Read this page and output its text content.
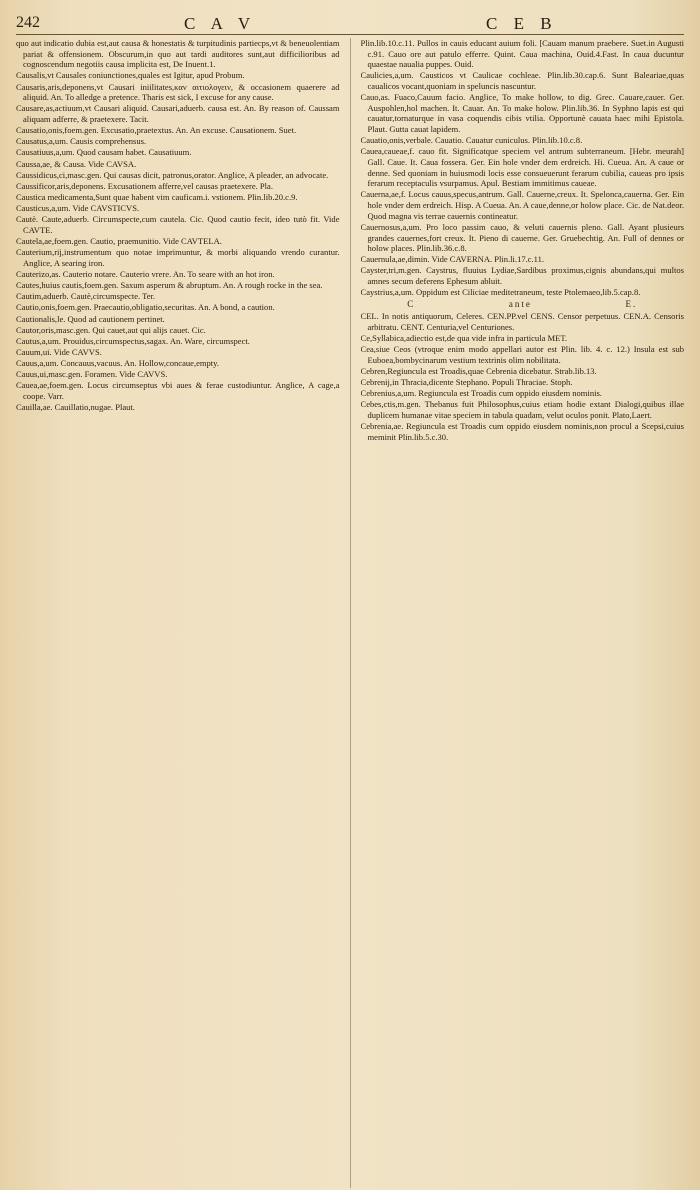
242	C A V	C E B

quo aut indicatio dubia est,aut causa & honestatis & turpitudinis partiecps,vt & beneuolentiam pariat & offensionem. Obscurum,in quo aut tardi auditores sunt,aut difficilioribus ad cognoscendum negotiis causa implicita est, De Inuent.1.

Causalis,vt Causales coniunctiones,quales est Igitur, apud Probum.

Causaris,aris,deponens,vt Causari iniilitates,καν αιτιολογειν, & occasionem quaerere ad aliquid. An. To alledge a pretence. Tharis est sick, I excuse for any cause.

Causare,as,actiuum,vt Causari aliquid. Causari,aduerb. causa est. An. By reason of. Caussam aliquam adferre, & praetexere. Tacit.

Causatio,onis,foem.gen. Excusatio,praetextus. An. An excuse. Causationem. Suet.

Causatus,a,um. Causis comprehensus.

Causatiuus,a,um. Quod causam habet. Causatiuum.

Caussa,ae, & Causa. Vide CAVSA.

Caussidicus,ci,masc.gen. Qui causas dicit, patronus,orator. Anglice, A pleader, an advocate.

Caussificor,aris,deponens. Excusationem afferre,vel causas praetexere. Pla.

Caustica medicamenta,Sunt quae habent vim cauficam.i. vstionem. Plin.lib.20.c.9.

Causticus,a,um. Vide CAVSTICVS.

Cautè. Caute,aduerb. Circumspecte,cum cautela. Cic. Quod cautio fecit, ideo tutò fit. Vide CAVTE.

Cautela,ae,foem.gen. Cautio, praemunitio. Vide CAVTELA.

Cauterium,rij,instrumentum quo notae imprimuntur, & morbi aliquando vrendo curantur. Anglice, A searing iron.

Cauterizo,as. Cauterio notare. Cauterio vrere. An. To seare with an hot iron.

Cautes,huius cautis,foem.gen. Saxum asperum & abruptum. An. A rough rocke in the sea.

Cautim,aduerb. Cautè,circumspecte. Ter.

Cautio,onis,foem.gen. Praecautio,obligatio,securitas. An. A bond, a caution.

Cautionalis,le. Quod ad cautionem pertinet.

Cautor,oris,masc.gen. Qui cauet,aut qui alijs cauet. Cic.

Cautus,a,um. Prouidus,circumspectus,sagax. An. Ware, circumspect.

Cauum,ui. Vide CAVVS.

Cauus,a,um. Concauus,vacuus. An. Hollow,concaue,empty.

Cauus,ui,masc.gen. Foramen. Vide CAVVS.

Cauea,ae,foem.gen. Locus circumseptus vbi aues & ferae custodiuntur. Anglice, A cage,a coope. Varr.

Cauilla,ae. Cauillatio,nugae. Plaut.

Plin.lib.10.c.11. Pullos in cauis educant auium foli. [Cauam manum praebere. Suet.in Augusti c.91. Cauo ore aut patulo efferre. Quint. Caua machina, Ouid.4.Fast. In caua ducuntur quaestae naualia puppes. Ouid.

Caulicies,a,um. Causticos vt Caulicae cochleae. Plin.lib.30.cap.6. Sunt Baleariae,quas caualicos vocant,quoniam in speluncis nascuntur.

Cauo,as. Fuaco,Cauum facio. Anglice, To make hollow, to dig. Grec. Cauare,cauer. Ger. Auspohlen,hol machen. It. Cauar. An. To make holow. Plin.lib.36. In Syphno lapis est qui cauatur,tornaturque in vasa coquendis cibis vtilia. Opportunè cauata haec mihi Epistola. Plaut. Gutta cauat lapidem.

Cauatio,onis,verbale. Cauatio. Cauatur cuniculus. Plin.lib.10.c.8.

Cauea,caueae,f. cauo fit. Significatque speciem vel antrum subterraneum. [Hebr. meurah] Gall. Caue. It. Caua fossera. Ger. Ein hole vnder dem erdreich. Hi. Cueua. An. A caue or denne. Sed quoniam in huiusmodi locis esse consueuerunt ferarum cubilia, caueas pro ipsis ferarum receptaculis vsurpamus. Apul. Bestiam immitimus caueae.

Cauerna,ae,f. Locus cauus,specus,antrum. Gall. Cauerne,creux. It. Spelonca,cauerna. Ger. Ein hole vnder dem erdreich. Hisp. A Cueua. An. A caue,denne,or holow place. Cic. de Nat.deor. Quod magna vis terrae cauernis contineatur.

Cauernosus,a,um. Pro loco passim cauo, & veluti cauernis pleno. Gall. Ayant plusieurs grandes cauernes,fort creux. It. Pieno di cauerne. Ger. Gruebechtig. An. Full of dennes or holow places. Plin.lib.36.c.8.

Cauernula,ae,dimin. Vide CAVERNA. Plin.li.17.c.11.

Cayster,tri,m.gen. Caystrus, fluuius Lydiae,Sardibus proximus,cignis abundans,qui multos amnes secum deferens Ephesum abluit.

Caystrius,a,um. Oppidum est Ciliciae meditetraneum, teste Ptolemaeo,lib.5.cap.8.

C	ante	E.

CEL. In notis antiquorum, Celeres. CEN.PP.vel CENS. Censor perpetuus. CEN.A. Censoris arbitratu. CENT. Centuria,vel Centuriones.

Ce,Syllabica,adiectio est,de qua vide infra in particula MET.

Cea,siue Ceos (vtroque enim modo appellari autor est Plin. lib. 4. c. 12.) Insula est sub Euboea,bombycinarum vestium textrinis olim nobilitata.

Cebren,Regiuncula est Troadis,quae Cebrenia dicebatur. Strab.lib.13.

Cebrenij,in Thracia,dicente Stephano. Populi Thraciae. Stoph.

Cebrenius,a,um. Regiuncula est Troadis cum oppido eiusdem nominis.

Cebes,ctis,m.gen. Thebanus fuit Philosophus,cuius etiam hodie extant Dialogi,quibus illae duplicem humanae vitae speciem in tabula quadam, velut oculos ponit. Plato,Laert.

Cebrenia,ae. Regiuncula est Troadis cum oppido eiusdem nominis,non procul a Scepsi,cuius meminit Plin.lib.5.c.30.
